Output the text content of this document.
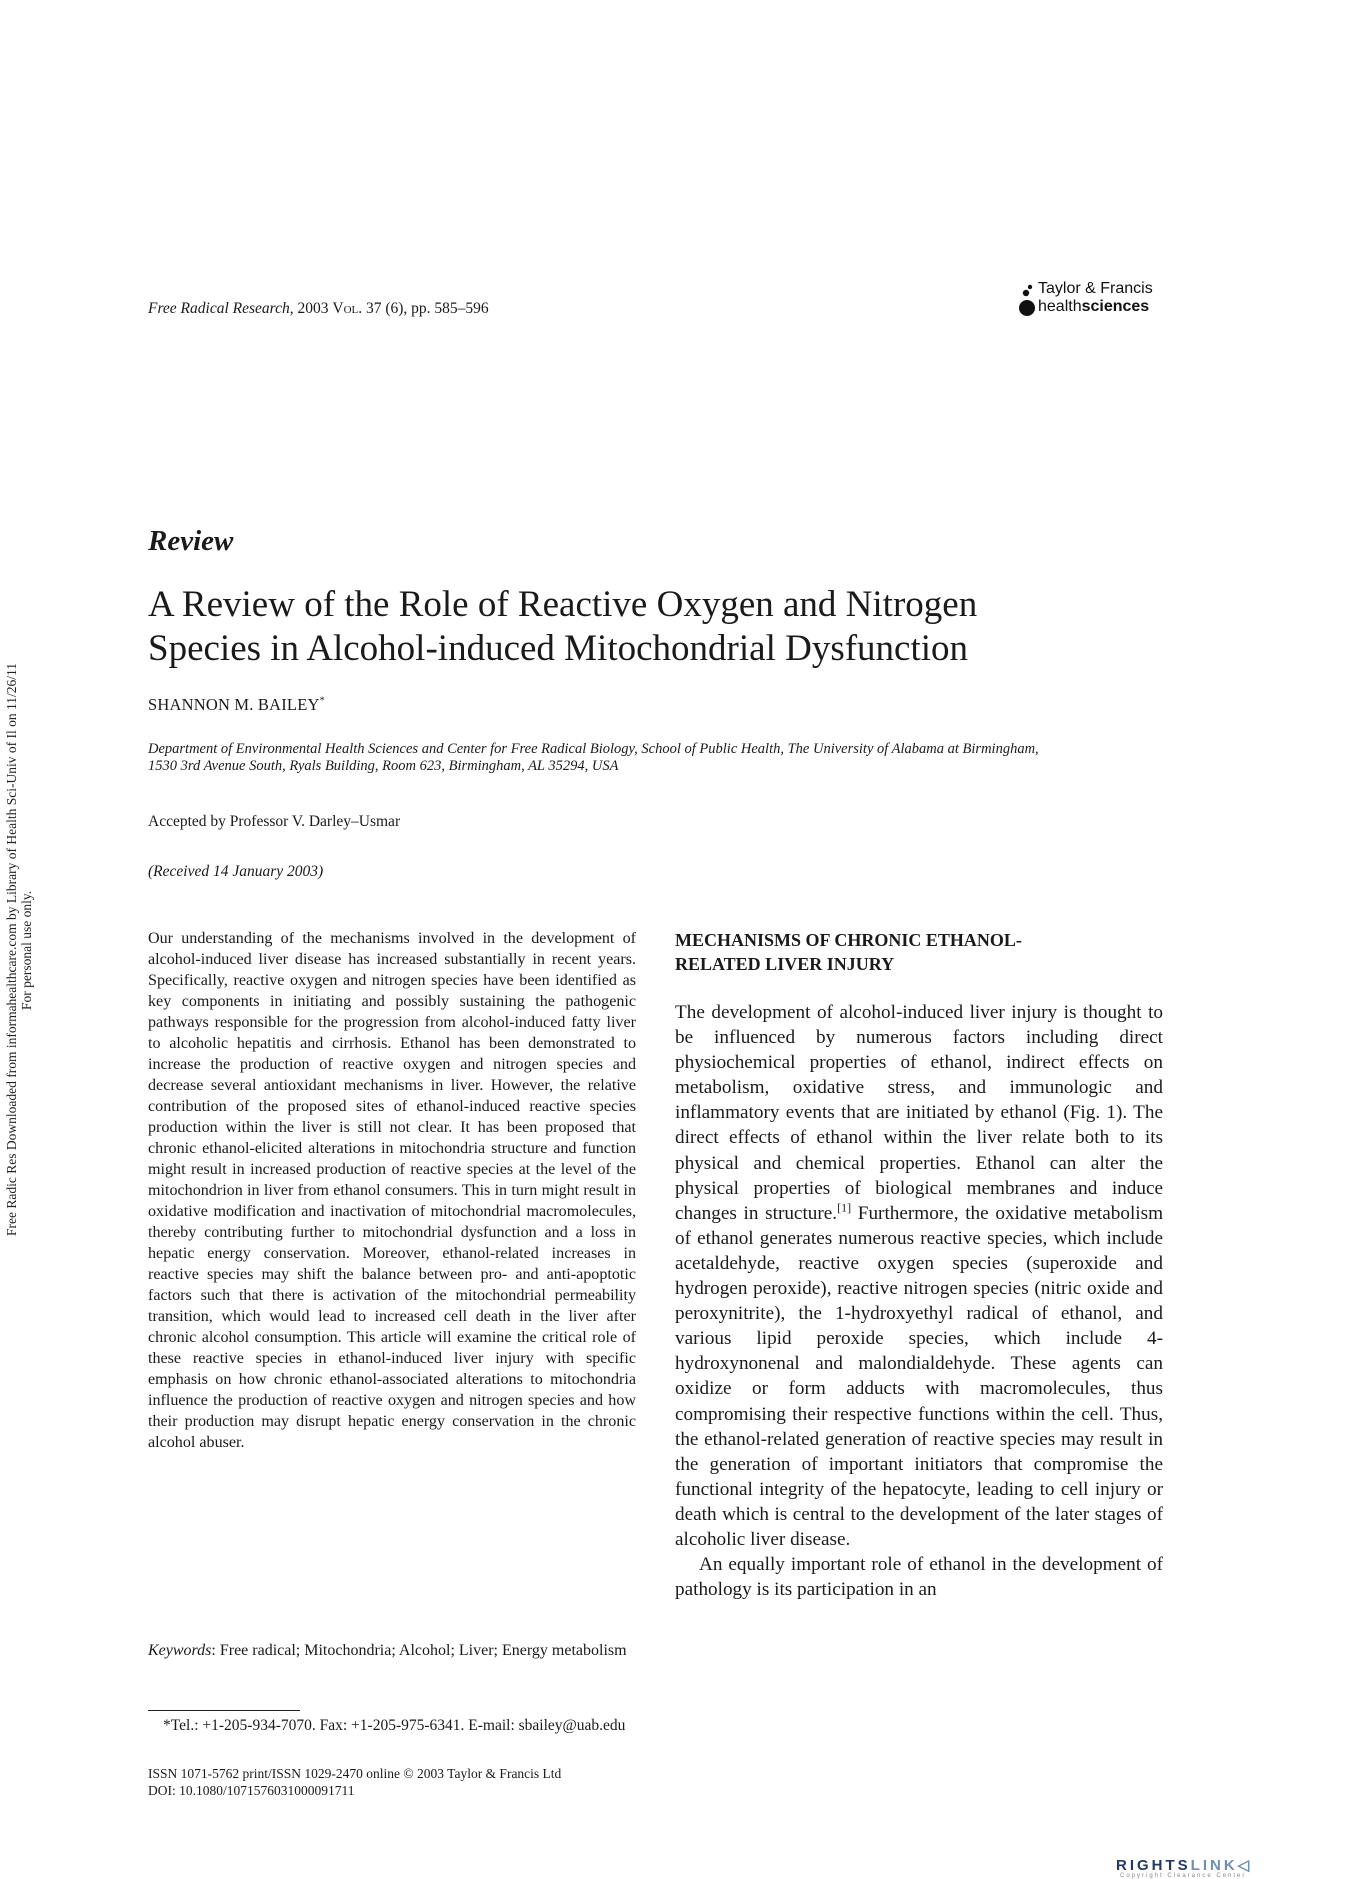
Free Radic Res Downloaded from informahealthcare.com by Library of Health Sci-Univ of Il on 11/26/11 For personal use only.
Free Radical Research, 2003 Vol. 37 (6), pp. 585–596
Taylor & Francis
healthsciences
Review
A Review of the Role of Reactive Oxygen and Nitrogen
Species in Alcohol-induced Mitochondrial Dysfunction
SHANNON M. BAILEY*
Department of Environmental Health Sciences and Center for Free Radical Biology, School of Public Health, The University of Alabama at Birmingham,
1530 3rd Avenue South, Ryals Building, Room 623, Birmingham, AL 35294, USA
Accepted by Professor V. Darley–Usmar
(Received 14 January 2003)
Our understanding of the mechanisms involved in the development of alcohol-induced liver disease has increased substantially in recent years. Specifically, reactive oxygen and nitrogen species have been identified as key components in initiating and possibly sustaining the pathogenic pathways responsible for the progression from alcohol-induced fatty liver to alcoholic hepatitis and cirrhosis. Ethanol has been demonstrated to increase the production of reactive oxygen and nitrogen species and decrease several antioxidant mechanisms in liver. However, the relative contribution of the proposed sites of ethanol-induced reactive species production within the liver is still not clear. It has been proposed that chronic ethanol-elicited alterations in mitochondria structure and function might result in increased production of reactive species at the level of the mitochondrion in liver from ethanol consumers. This in turn might result in oxidative modification and inactivation of mitochondrial macromolecules, thereby contributing further to mitochondrial dysfunction and a loss in hepatic energy conservation. Moreover, ethanol-related increases in reactive species may shift the balance between pro- and anti-apoptotic factors such that there is activation of the mitochondrial permeability transition, which would lead to increased cell death in the liver after chronic alcohol consumption. This article will examine the critical role of these reactive species in ethanol-induced liver injury with specific emphasis on how chronic ethanol-associated alterations to mitochondria influence the production of reactive oxygen and nitrogen species and how their production may disrupt hepatic energy conservation in the chronic alcohol abuser.
Keywords: Free radical; Mitochondria; Alcohol; Liver; Energy metabolism
MECHANISMS OF CHRONIC ETHANOL-
RELATED LIVER INJURY

The development of alcohol-induced liver injury is thought to be influenced by numerous factors including direct physiochemical properties of ethanol, indirect effects on metabolism, oxidative stress, and immunologic and inflammatory events that are initiated by ethanol (Fig. 1). The direct effects of ethanol within the liver relate both to its physical and chemical properties. Ethanol can alter the physical properties of biological membranes and induce changes in structure.[1] Furthermore, the oxidative metabolism of ethanol generates numerous reactive species, which include acetaldehyde, reactive oxygen species (superoxide and hydrogen peroxide), reactive nitrogen species (nitric oxide and peroxynitrite), the 1-hydroxyethyl radical of ethanol, and various lipid peroxide species, which include 4-hydroxynonenal and malondialdehyde. These agents can oxidize or form adducts with macromolecules, thus compromising their respective functions within the cell. Thus, the ethanol-related generation of reactive species may result in the generation of important initiators that compromise the functional integrity of the hepatocyte, leading to cell injury or death which is central to the development of the later stages of alcoholic liver disease.

An equally important role of ethanol in the development of pathology is its participation in an

*Tel.: +1-205-934-7070. Fax: +1-205-975-6341. E-mail: sbailey@uab.edu
ISSN 1071-5762 print/ISSN 1029-2470 online © 2003 Taylor & Francis Ltd
DOI: 10.1080/1071576031000091711
RIGHTSLINK◁
Copyright Clearance Center
